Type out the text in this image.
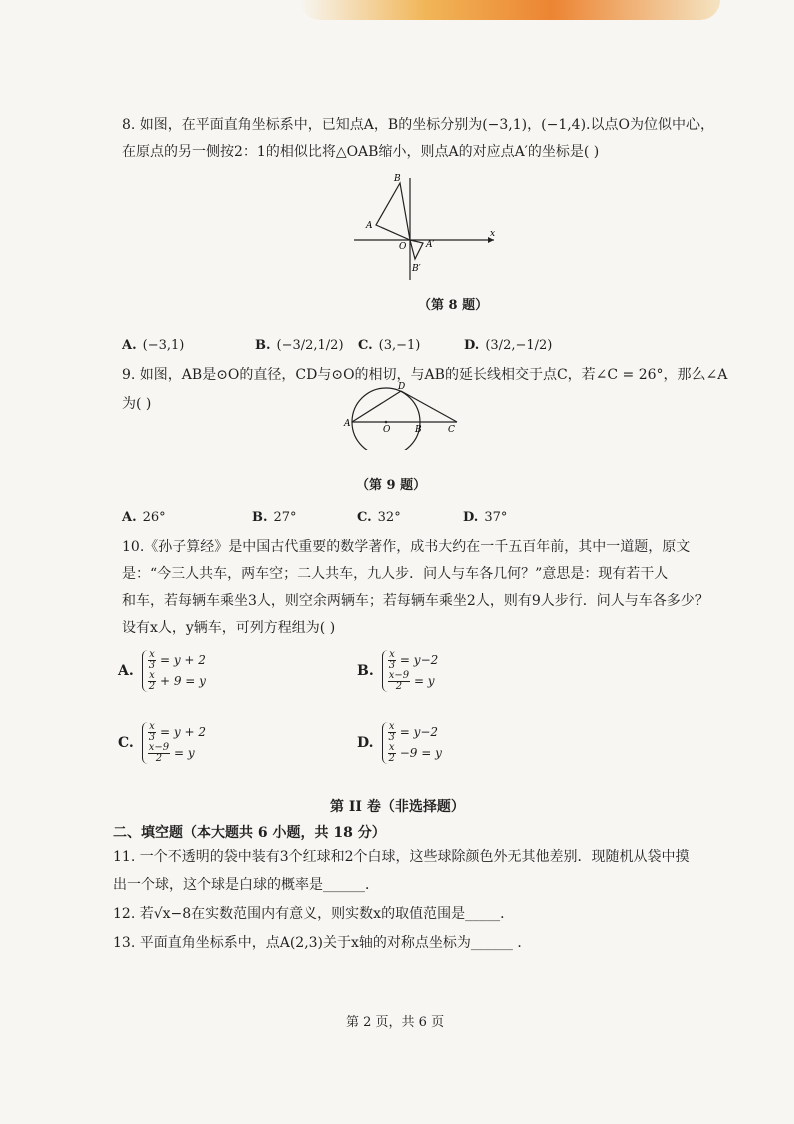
8. 如图，在平面直角坐标系中，已知点A，B的坐标分别为(−3,1)，(−1,4).以点O为位似中心，
在原点的另一侧按2：1的相似比将△OAB缩小，则点A的对应点A′的坐标是( )
B
A
O A′
B′
x
（第 8 题）
A. (−3,1)	B. (−3/2,1/2) C. (3,−1)	D. (3/2,−1/2)
9. 如图，AB是⊙O的直径，CD与⊙O的相切，与AB的延长线相交于点C，若∠C = 26°，那么∠A
为( )
A
O	B	C
D
（第 9 题）
A. 26°	B. 27°	C. 32°	D. 37°
10.《孙子算经》是中国古代重要的数学著作，成书大约在一千五百年前，其中一道题，原文
是：“今三人共车，两车空；二人共车，九人步．问人与车各几何？”意思是：现有若干人
和车，若每辆车乘坐3人，则空余两辆车；若每辆车乘坐2人，则有9人步行．问人与车各多少？
设有x人，y辆车，可列方程组为( )
A. $\frac{x}{3} = y + 2$
$\frac{x}{2} + 9 = y$
B. $\frac{x}{3} = y-2$
$\frac{x-9}{2} = y$
C. $\frac{x}{3} = y + 2$
$\frac{x-9}{2} = y$
D. $\frac{x}{3} = y-2$
$\frac{x}{2} -9 = y$
第 II 卷（非选择题）
二、填空题（本大题共 6 小题，共 18 分）
11. 一个不透明的袋中装有3个红球和2个白球，这些球除颜色外无其他差别．现随机从袋中摸
出一个球，这个球是白球的概率是______．
12. 若√x−8在实数范围内有意义，则实数x的取值范围是_____．
13. 平面直角坐标系中，点A(2,3)关于x轴的对称点坐标为______ ．
第 2 页，共 6 页
